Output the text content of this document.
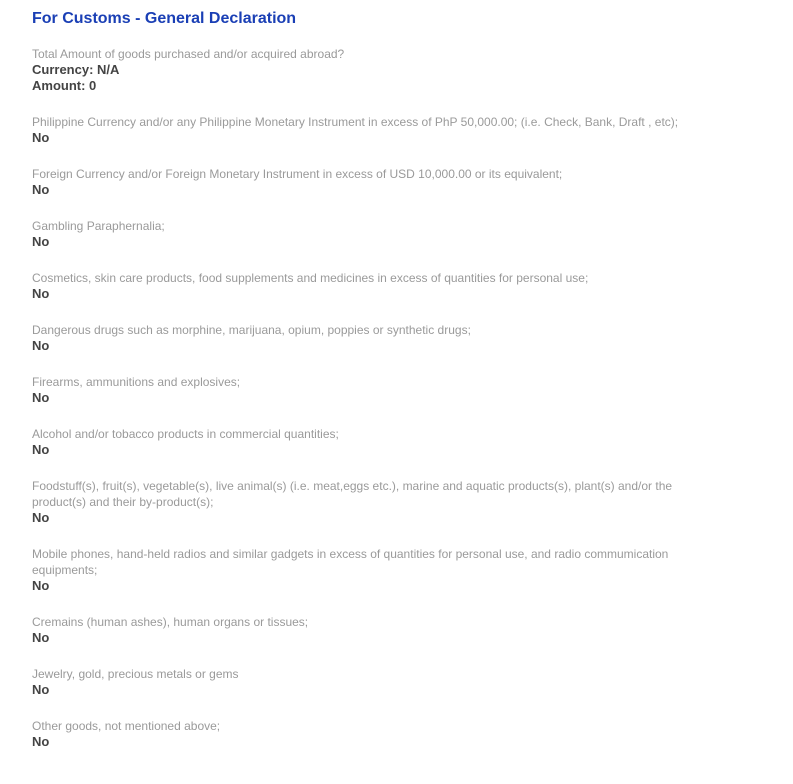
For Customs - General Declaration
Total Amount of goods purchased and/or acquired abroad?
Currency: N/A
Amount: 0
Philippine Currency and/or any Philippine Monetary Instrument in excess of PhP 50,000.00; (i.e. Check, Bank, Draft , etc);
No
Foreign Currency and/or Foreign Monetary Instrument in excess of USD 10,000.00 or its equivalent;
No
Gambling Paraphernalia;
No
Cosmetics, skin care products, food supplements and medicines in excess of quantities for personal use;
No
Dangerous drugs such as morphine, marijuana, opium, poppies or synthetic drugs;
No
Firearms, ammunitions and explosives;
No
Alcohol and/or tobacco products in commercial quantities;
No
Foodstuff(s), fruit(s), vegetable(s), live animal(s) (i.e. meat,eggs etc.), marine and aquatic products(s), plant(s) and/or the product(s) and their by-product(s);
No
Mobile phones, hand-held radios and similar gadgets in excess of quantities for personal use, and radio commumication equipments;
No
Cremains (human ashes), human organs or tissues;
No
Jewelry, gold, precious metals or gems
No
Other goods, not mentioned above;
No
